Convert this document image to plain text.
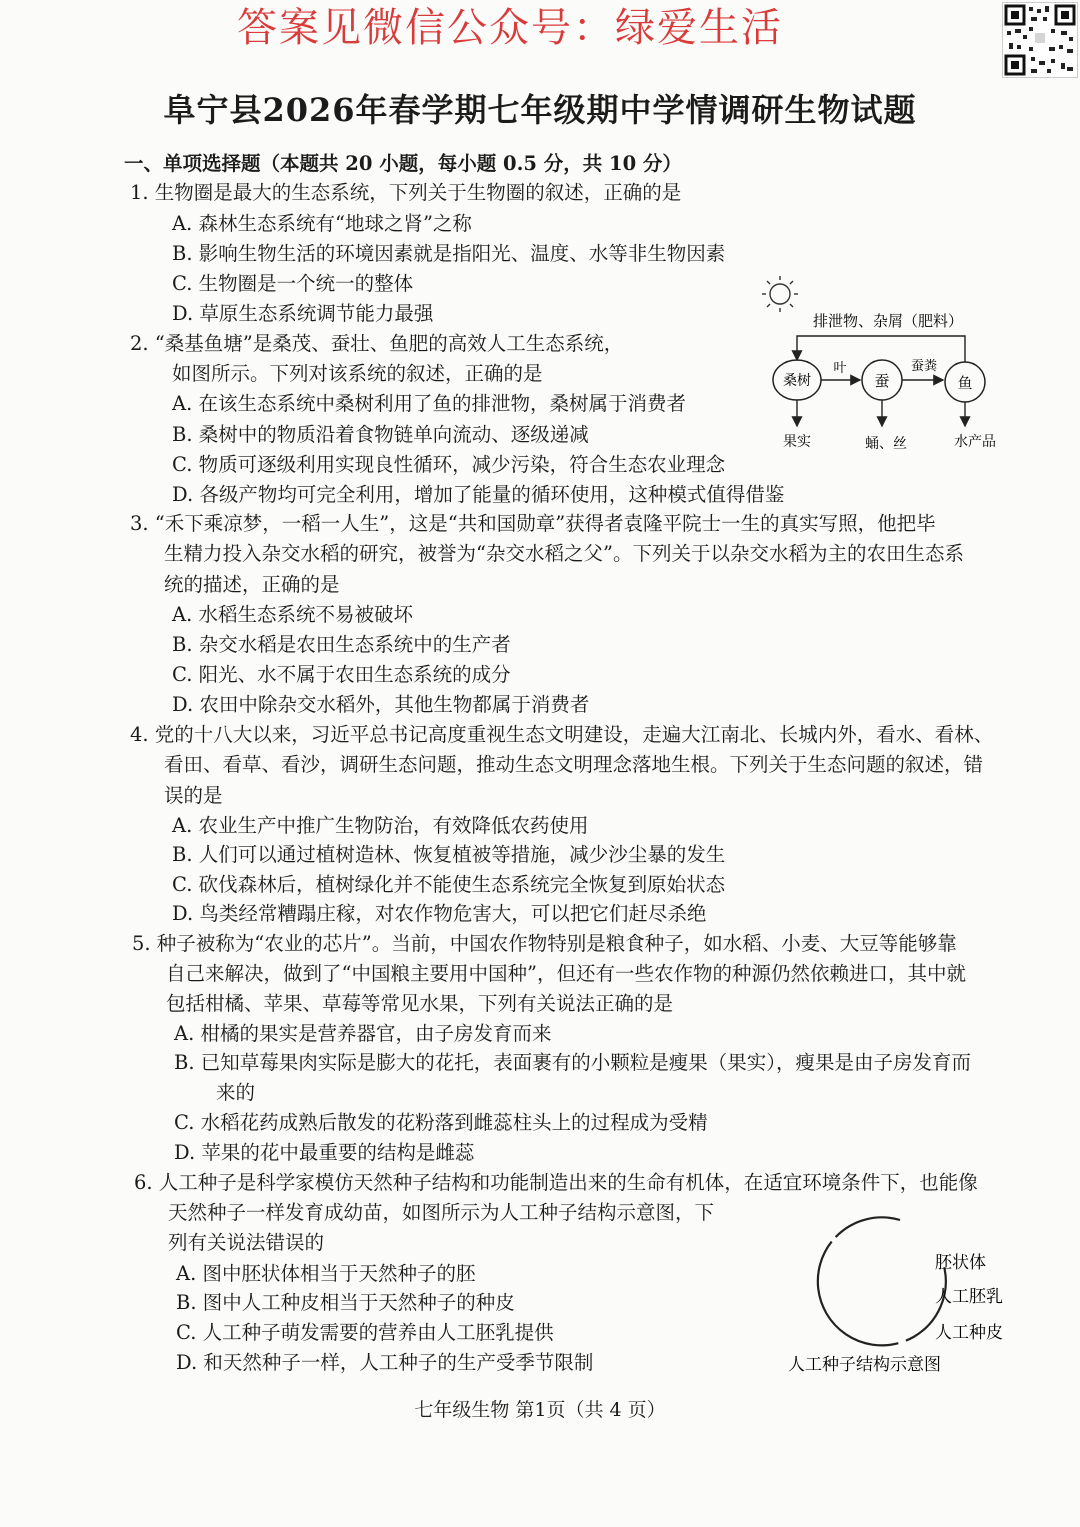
答案见微信公众号：绿爱生活
阜宁县2026年春学期七年级期中学情调研生物试题
一、单项选择题（本题共 20 小题，每小题 0.5 分，共 10 分）
1. 生物圈是最大的生态系统，下列关于生物圈的叙述，正确的是
A. 森林生态系统有“地球之肾”之称
B. 影响生物生活的环境因素就是指阳光、温度、水等非生物因素
C. 生物圈是一个统一的整体
D. 草原生态系统调节能力最强
2. “桑基鱼塘”是桑茂、蚕壮、鱼肥的高效人工生态系统，
如图所示。下列对该系统的叙述，正确的是
A. 在该生态系统中桑树利用了鱼的排泄物，桑树属于消费者
B. 桑树中的物质沿着食物链单向流动、逐级递减
C. 物质可逐级利用实现良性循环，减少污染，符合生态农业理念
D. 各级产物均可完全利用，增加了能量的循环使用，这种模式值得借鉴
排泄物、杂屑（肥料）
桑树	蚕	鱼
叶	蚕粪
果实	蛹、丝	水产品
3. “禾下乘凉梦，一稻一人生”，这是“共和国勋章”获得者袁隆平院士一生的真实写照，他把毕
生精力投入杂交水稻的研究，被誉为“杂交水稻之父”。下列关于以杂交水稻为主的农田生态系
统的描述，正确的是
A. 水稻生态系统不易被破坏
B. 杂交水稻是农田生态系统中的生产者
C. 阳光、水不属于农田生态系统的成分
D. 农田中除杂交水稻外，其他生物都属于消费者
4. 党的十八大以来，习近平总书记高度重视生态文明建设，走遍大江南北、长城内外，看水、看林、
看田、看草、看沙，调研生态问题，推动生态文明理念落地生根。下列关于生态问题的叙述，错
误的是
A. 农业生产中推广生物防治，有效降低农药使用
B. 人们可以通过植树造林、恢复植被等措施，减少沙尘暴的发生
C. 砍伐森林后，植树绿化并不能使生态系统完全恢复到原始状态
D. 鸟类经常糟蹋庄稼，对农作物危害大，可以把它们赶尽杀绝
5. 种子被称为“农业的芯片”。当前，中国农作物特别是粮食种子，如水稻、小麦、大豆等能够靠
自己来解决，做到了“中国粮主要用中国种”，但还有一些农作物的种源仍然依赖进口，其中就
包括柑橘、苹果、草莓等常见水果，下列有关说法正确的是
A. 柑橘的果实是营养器官，由子房发育而来
B. 已知草莓果肉实际是膨大的花托，表面裹有的小颗粒是瘦果（果实），瘦果是由子房发育而
来的
C. 水稻花药成熟后散发的花粉落到雌蕊柱头上的过程成为受精
D. 苹果的花中最重要的结构是雌蕊
6. 人工种子是科学家模仿天然种子结构和功能制造出来的生命有机体，在适宜环境条件下，也能像
天然种子一样发育成幼苗，如图所示为人工种子结构示意图，下
列有关说法错误的
A. 图中胚状体相当于天然种子的胚
B. 图中人工种皮相当于天然种子的种皮
C. 人工种子萌发需要的营养由人工胚乳提供
D. 和天然种子一样，人工种子的生产受季节限制
胚状体
人工胚乳
人工种皮
人工种子结构示意图
七年级生物 第1页（共 4 页）
